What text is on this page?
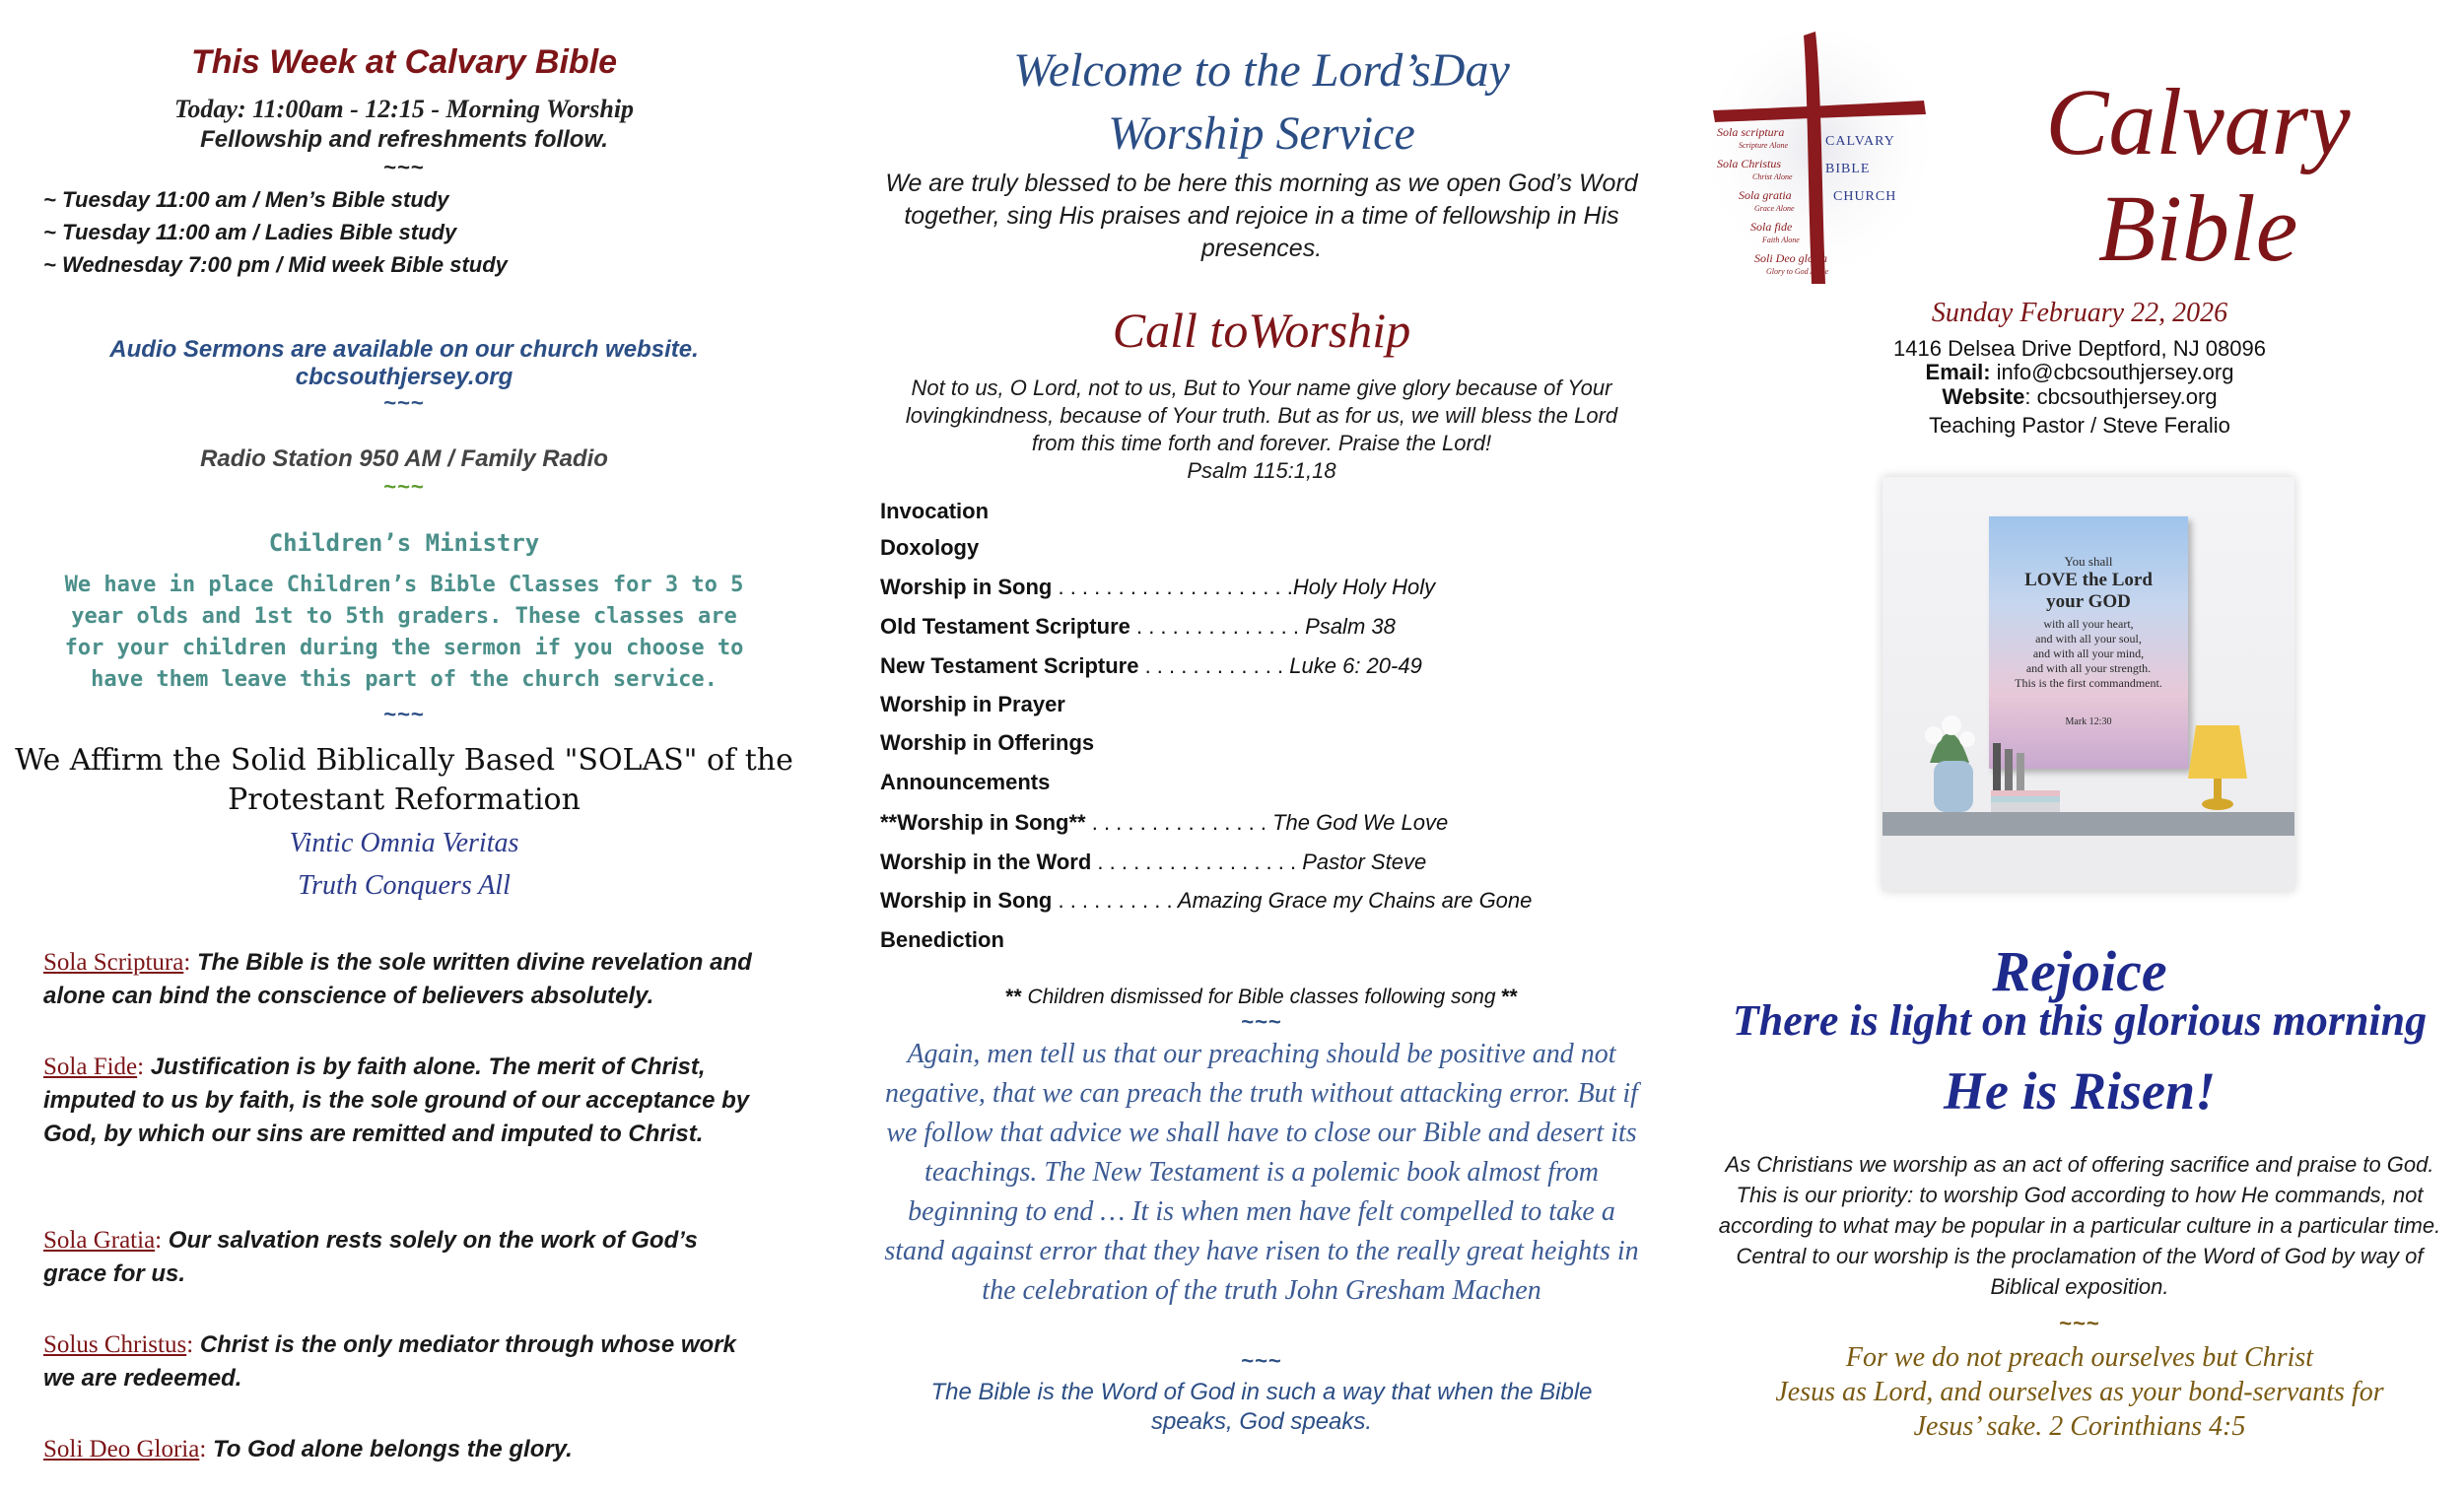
This Week at Calvary Bible
Today: 11:00am - 12:15 - Morning Worship
Fellowship and refreshments follow.
~~~
~ Tuesday 11:00 am / Men’s Bible study
~ Tuesday 11:00 am / Ladies Bible study
~ Wednesday 7:00 pm / Mid week Bible study
Audio Sermons are available on our church website.
cbcsouthjersey.org
~~~
Radio Station 950 AM / Family Radio
~~~
Children’s Ministry
We have in place Children’s Bible Classes for 3 to 5 year olds and 1st to 5th graders. These classes are for your children during the sermon if you choose to have them leave this part of the church service.
~~~
We Affirm the Solid Biblically Based "SOLAS" of the
Protestant Reformation
Vintic Omnia Veritas
Truth Conquers All
Sola Scriptura: The Bible is the sole written divine revelation and alone can bind the conscience of believers absolutely.
Sola Fide: Justification is by faith alone. The merit of Christ, imputed to us by faith, is the sole ground of our acceptance by God, by which our sins are remitted and imputed to Christ.
Sola Gratia: Our salvation rests solely on the work of God’s grace for us.
Solus Christus: Christ is the only mediator through whose work we are redeemed.
Soli Deo Gloria: To God alone belongs the glory.
Welcome to the Lord’sDay
Worship Service
We are truly blessed to be here this morning as we open God’s Word together, sing His praises and rejoice in a time of fellowship in His presences.
Call toWorship
Not to us, O Lord, not to us, But to Your name give glory because of Your lovingkindness, because of Your truth. But as for us, we will bless the Lord from this time forth and forever. Praise the Lord!
Psalm 115:1,18
Invocation
Doxology
Worship in Song . . . . . . . . . . . . . . . . . . . .Holy Holy Holy
Old Testament Scripture . . . . . . . . . . . . . . Psalm 38
New Testament Scripture . . . . . . . . . . . . Luke 6: 20-49
Worship in Prayer
Worship in Offerings
Announcements
**Worship in Song** . . . . . . . . . . . . . . . The God We Love
Worship in the Word . . . . . . . . . . . . . . . . . Pastor Steve
Worship in Song . . . . . . . . . . Amazing Grace my Chains are Gone
Benediction
** Children dismissed for Bible classes following song **
~~~
Again, men tell us that our preaching should be positive and not negative, that we can preach the truth without attacking error. But if we follow that advice we shall have to close our Bible and desert its teachings. The New Testament is a polemic book almost from beginning to end … It is when men have felt compelled to take a stand against error that they have risen to the really great heights in the celebration of the truth John Gresham Machen
~~~
The Bible is the Word of God in such a way that when the Bible speaks, God speaks.
Sola scriptura
Scripture Alone
Sola Christus
Christ Alone
Sola gratia
Grace Alone
Sola fide
Faith Alone
Soli Deo gloria
Glory to God Alone
CALVARY
BIBLE
CHURCH
Calvary
Bible
Sunday February 22, 2026
1416 Delsea Drive Deptford, NJ 08096
Email: info@cbcsouthjersey.org
Website: cbcsouthjersey.org
Teaching Pastor / Steve Feralio
You shall
LOVE the Lord
your GOD
with all your heart,
and with all your soul,
and with all your mind,
and with all your strength.
This is the first commandment.
Mark 12:30
Rejoice
There is light on this glorious morning
He is Risen!
As Christians we worship as an act of offering sacrifice and praise to God. This is our priority: to worship God according to how He commands, not according to what may be popular in a particular culture in a particular time. Central to our worship is the proclamation of the Word of God by way of Biblical exposition.
~~~
For we do not preach ourselves but Christ
Jesus as Lord, and ourselves as your bond-servants for
Jesus’ sake. 2 Corinthians 4:5
